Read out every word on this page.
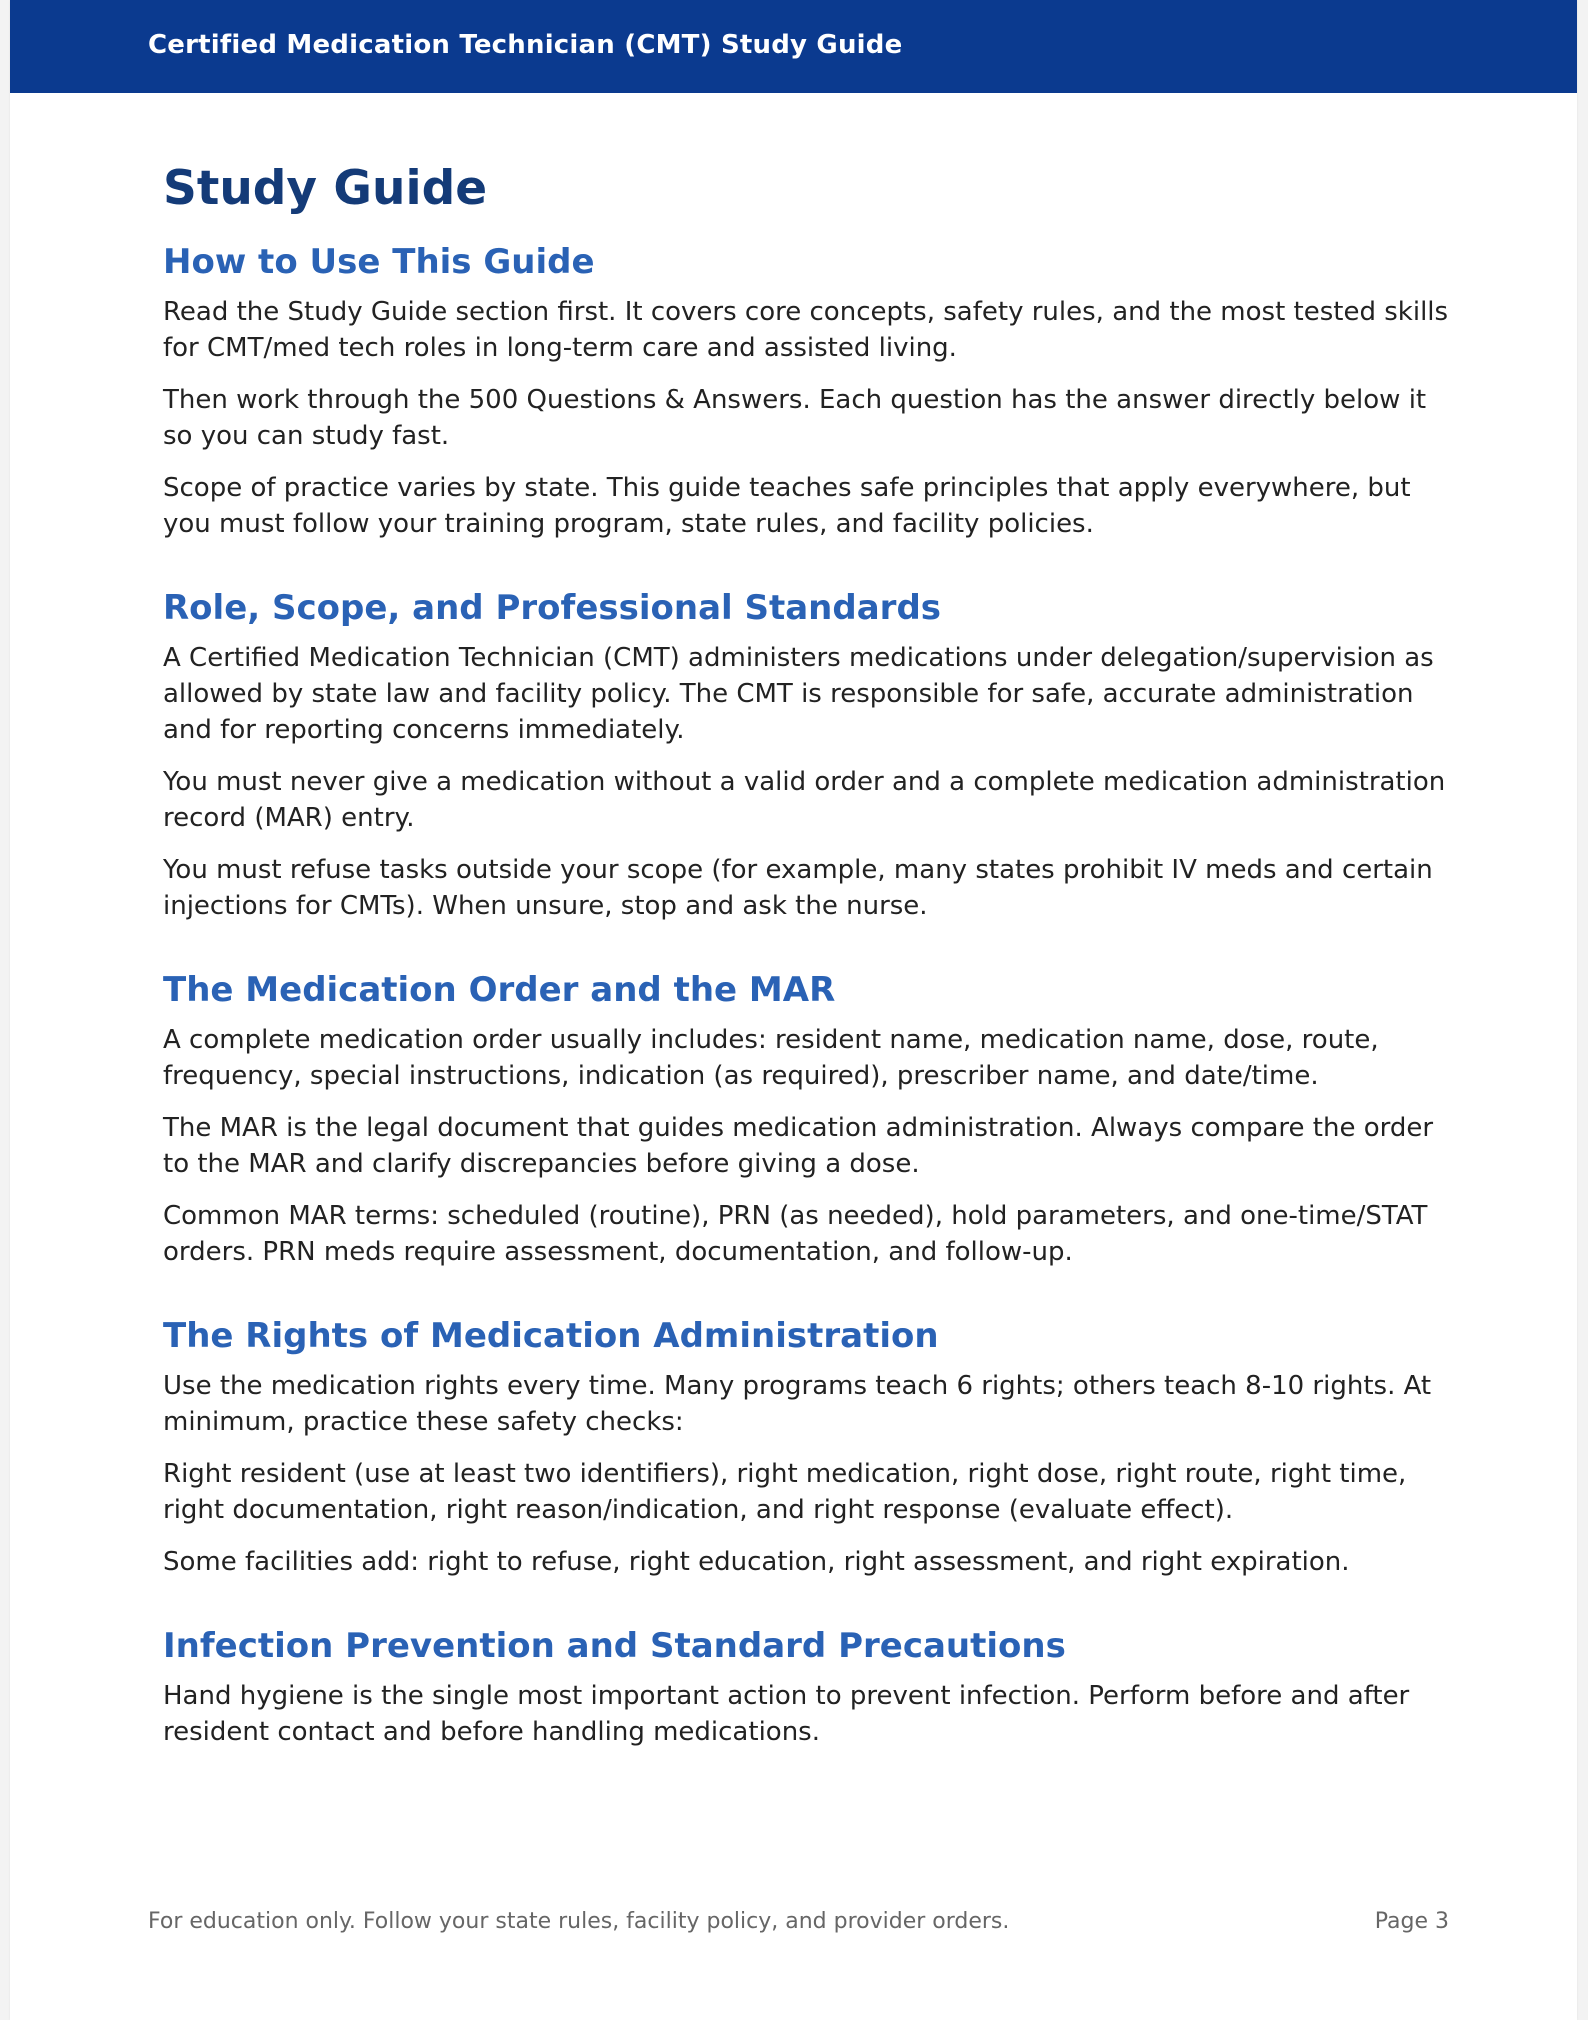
Certified Medication Technician (CMT) Study Guide
Study Guide
How to Use This Guide

Read the Study Guide section first. It covers core concepts, safety rules, and the most tested skills for CMT/med tech roles in long-term care and assisted living.

Then work through the 500 Questions & Answers. Each question has the answer directly below it so you can study fast.

Scope of practice varies by state. This guide teaches safe principles that apply everywhere, but you must follow your training program, state rules, and facility policies.

Role, Scope, and Professional Standards

A Certified Medication Technician (CMT) administers medications under delegation/supervision as allowed by state law and facility policy. The CMT is responsible for safe, accurate administration and for reporting concerns immediately.

You must never give a medication without a valid order and a complete medication administration record (MAR) entry.

You must refuse tasks outside your scope (for example, many states prohibit IV meds and certain injections for CMTs). When unsure, stop and ask the nurse.

The Medication Order and the MAR

A complete medication order usually includes: resident name, medication name, dose, route, frequency, special instructions, indication (as required), prescriber name, and date/time.

The MAR is the legal document that guides medication administration. Always compare the order to the MAR and clarify discrepancies before giving a dose.

Common MAR terms: scheduled (routine), PRN (as needed), hold parameters, and one-time/STAT orders. PRN meds require assessment, documentation, and follow-up.

The Rights of Medication Administration

Use the medication rights every time. Many programs teach 6 rights; others teach 8-10 rights. At minimum, practice these safety checks:

Right resident (use at least two identifiers), right medication, right dose, right route, right time, right documentation, right reason/indication, and right response (evaluate effect).

Some facilities add: right to refuse, right education, right assessment, and right expiration.

Infection Prevention and Standard Precautions

Hand hygiene is the single most important action to prevent infection. Perform before and after resident contact and before handling medications.

For education only. Follow your state rules, facility policy, and provider orders.	Page 3
